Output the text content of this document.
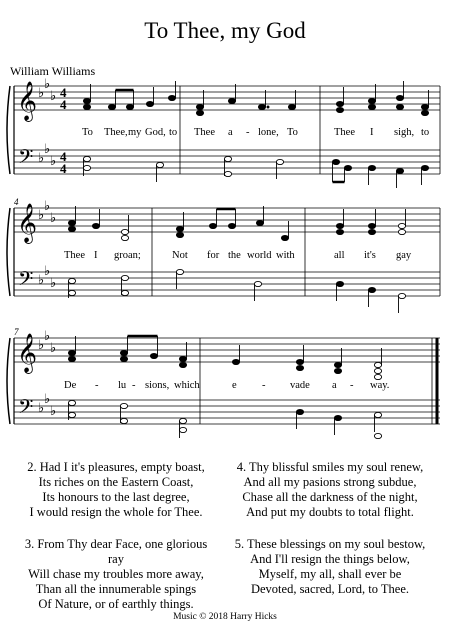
To Thee, my God
William Williams
𝄞
𝄢
♭
♭
♭
♭
♭
♭
4
4
4
4
To Thee, my God, to Thee a - lone, To	Thee I sigh, to
4
𝄞
𝄢
♭
♭
♭
♭
♭
♭
Thee I groan;	Not for the world with	all it's gay
7
𝄞
𝄢
♭
♭
♭
♭
♭
♭
De - lu - sions, which	e - vade a - way.
2. Had I it's pleasures, empty boast,
Its riches on the Eastern Coast,
Its honours to the last degree,
I would resign the whole for Thee.
4. Thy blissful smiles my soul renew,
And all my pasions strong subdue,
Chase all the darkness of the night,
And put my doubts to total flight.
3. From Thy dear Face, one glorious ray
Will chase my troubles more away,
Than all the innumerable spings
Of Nature, or of earthly things.
5. These blessings on my soul bestow,
And I'll resign the things below,
Myself, my all, shall ever be
Devoted, sacred, Lord, to Thee.
Music © 2018 Harry Hicks
